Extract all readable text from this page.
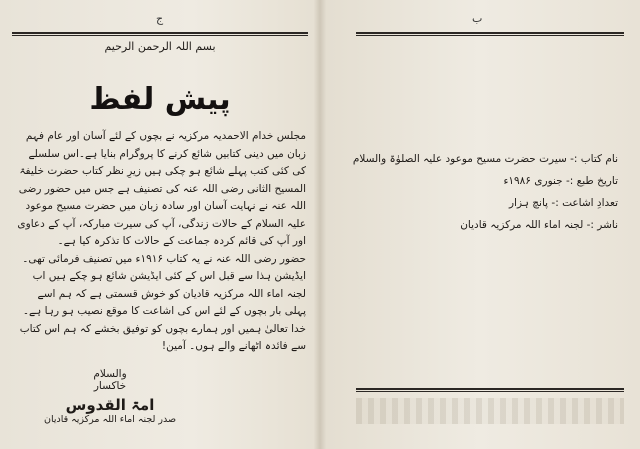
ج
بسم اللہ الرحمن الرحیم
پیش لفظ

مجلس خدام الاحمدیہ مرکزیہ نے بچوں کے لئے آسان اور عام فہم زبان میں دینی کتابیں شائع کرنے کا پروگرام بنایا ہے۔اس سلسلے کی کئی کتب پہلے شائع ہو چکی ہیں زیرِ نظر کتاب حضرت خلیفۃ المسیح الثانی رضی اللہ عنہ کی تصنیف ہے جس میں حضور رضی اللہ عنہ نے نہایت آسان اور سادہ زبان میں حضرت مسیح موعود علیہ السلام کے حالات زندگی، آپ کی سیرت مبارکہ، آپ کے دعاوی اور آپ کی قائم کردہ جماعت کے حالات کا تذکرہ کیا ہے۔

حضور رضی اللہ عنہ نے یہ کتاب ۱۹۱۶ء میں تصنیف فرمائی تھی۔ ایڈیشن ہذا سے قبل اس کے کئی ایڈیشن شائع ہو چکے ہیں اب لجنہ اماء اللہ مرکزیہ قادیان کو خوش قسمتی ہے کہ ہم اسے پہلی بار بچوں کے لئے اس کی اشاعت کا موقع نصیب ہو رہا ہے۔

خدا تعالیٰ ہمیں اور ہمارے بچوں کو توفیق بخشے کہ ہم اس کتاب سے فائدہ اٹھانے والے ہوں۔ آمین!

والسلام
خاکسار
امۃ القدوس
صدر لجنہ اماء اللہ مرکزیہ قادیان
ب
نام کتاب :- سیرت حضرت مسیح موعود علیہ الصلوٰۃ والسلام
تاریخ طبع :- جنوری ۱۹۸۶ء
تعدادِ اشاعت :- پانچ ہزار
ناشر :- لجنہ اماء اللہ مرکزیہ قادیان
